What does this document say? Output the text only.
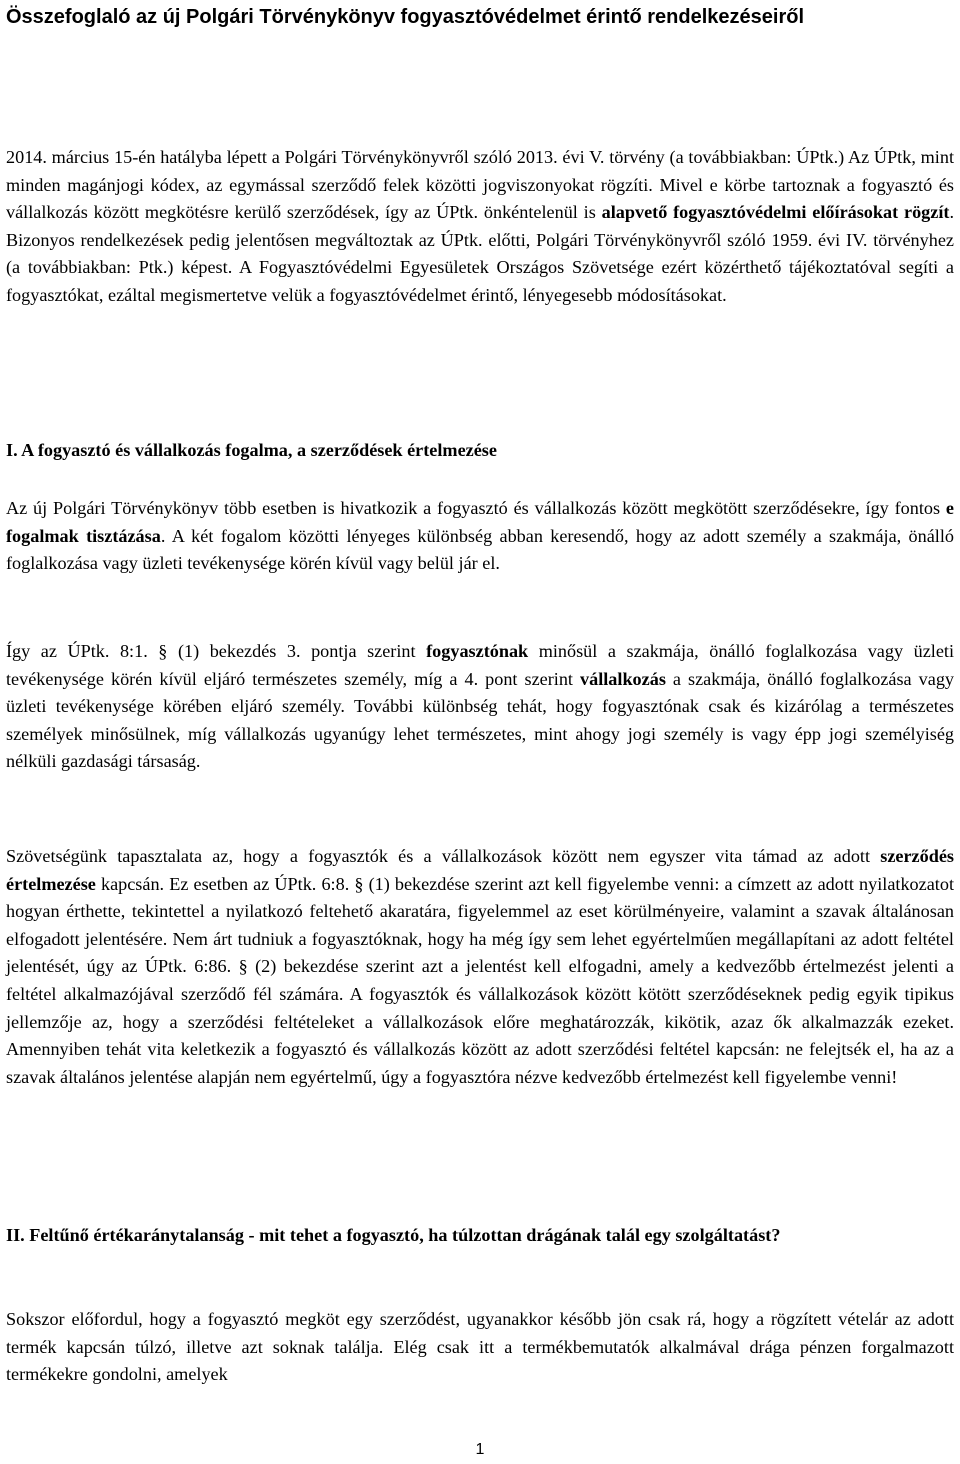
Összefoglaló az új Polgári Törvénykönyv fogyasztóvédelmet érintő rendelkezéseiről

2014. március 15-én hatályba lépett a Polgári Törvénykönyvről szóló 2013. évi V. törvény (a továbbiakban: ÚPtk.) Az ÚPtk, mint minden magánjogi kódex, az egymással szerződő felek közötti jogviszonyokat rögzíti. Mivel e körbe tartoznak a fogyasztó és vállalkozás között megkötésre kerülő szerződések, így az ÚPtk. önkéntelenül is alapvető fogyasztóvédelmi előírásokat rögzít. Bizonyos rendelkezések pedig jelentősen megváltoztak az ÚPtk. előtti, Polgári Törvénykönyvről szóló 1959. évi IV. törvényhez (a továbbiakban: Ptk.) képest. A Fogyasztóvédelmi Egyesületek Országos Szövetsége ezért közérthető tájékoztatóval segíti a fogyasztókat, ezáltal megismertetve velük a fogyasztóvédelmet érintő, lényegesebb módosításokat.

I. A fogyasztó és vállalkozás fogalma, a szerződések értelmezése

Az új Polgári Törvénykönyv több esetben is hivatkozik a fogyasztó és vállalkozás között megkötött szerződésekre, így fontos e fogalmak tisztázása. A két fogalom közötti lényeges különbség abban keresendő, hogy az adott személy a szakmája, önálló foglalkozása vagy üzleti tevékenysége körén kívül vagy belül jár el.

Így az ÚPtk. 8:1. § (1) bekezdés 3. pontja szerint fogyasztónak minősül a szakmája, önálló foglalkozása vagy üzleti tevékenysége körén kívül eljáró természetes személy, míg a 4. pont szerint vállalkozás a szakmája, önálló foglalkozása vagy üzleti tevékenysége körében eljáró személy. További különbség tehát, hogy fogyasztónak csak és kizárólag a természetes személyek minősülnek, míg vállalkozás ugyanúgy lehet természetes, mint ahogy jogi személy is vagy épp jogi személyiség nélküli gazdasági társaság.

Szövetségünk tapasztalata az, hogy a fogyasztók és a vállalkozások között nem egyszer vita támad az adott szerződés értelmezése kapcsán. Ez esetben az ÚPtk. 6:8. § (1) bekezdése szerint azt kell figyelembe venni: a címzett az adott nyilatkozatot hogyan érthette, tekintettel a nyilatkozó feltehető akaratára, figyelemmel az eset körülményeire, valamint a szavak általánosan elfogadott jelentésére. Nem árt tudniuk a fogyasztóknak, hogy ha még így sem lehet egyértelműen megállapítani az adott feltétel jelentését, úgy az ÚPtk. 6:86. § (2) bekezdése szerint azt a jelentést kell elfogadni, amely a kedvezőbb értelmezést jelenti a feltétel alkalmazójával szerződő fél számára. A fogyasztók és vállalkozások között kötött szerződéseknek pedig egyik tipikus jellemzője az, hogy a szerződési feltételeket a vállalkozások előre meghatározzák, kikötik, azaz ők alkalmazzák ezeket. Amennyiben tehát vita keletkezik a fogyasztó és vállalkozás között az adott szerződési feltétel kapcsán: ne felejtsék el, ha az a szavak általános jelentése alapján nem egyértelmű, úgy a fogyasztóra nézve kedvezőbb értelmezést kell figyelembe venni!

II. Feltűnő értékaránytalanság - mit tehet a fogyasztó, ha túlzottan drágának talál egy szolgáltatást?

Sokszor előfordul, hogy a fogyasztó megköt egy szerződést, ugyanakkor később jön csak rá, hogy a rögzített vételár az adott termék kapcsán túlzó, illetve azt soknak találja. Elég csak itt a termékbemutatók alkalmával drága pénzen forgalmazott termékekre gondolni, amelyek

1
